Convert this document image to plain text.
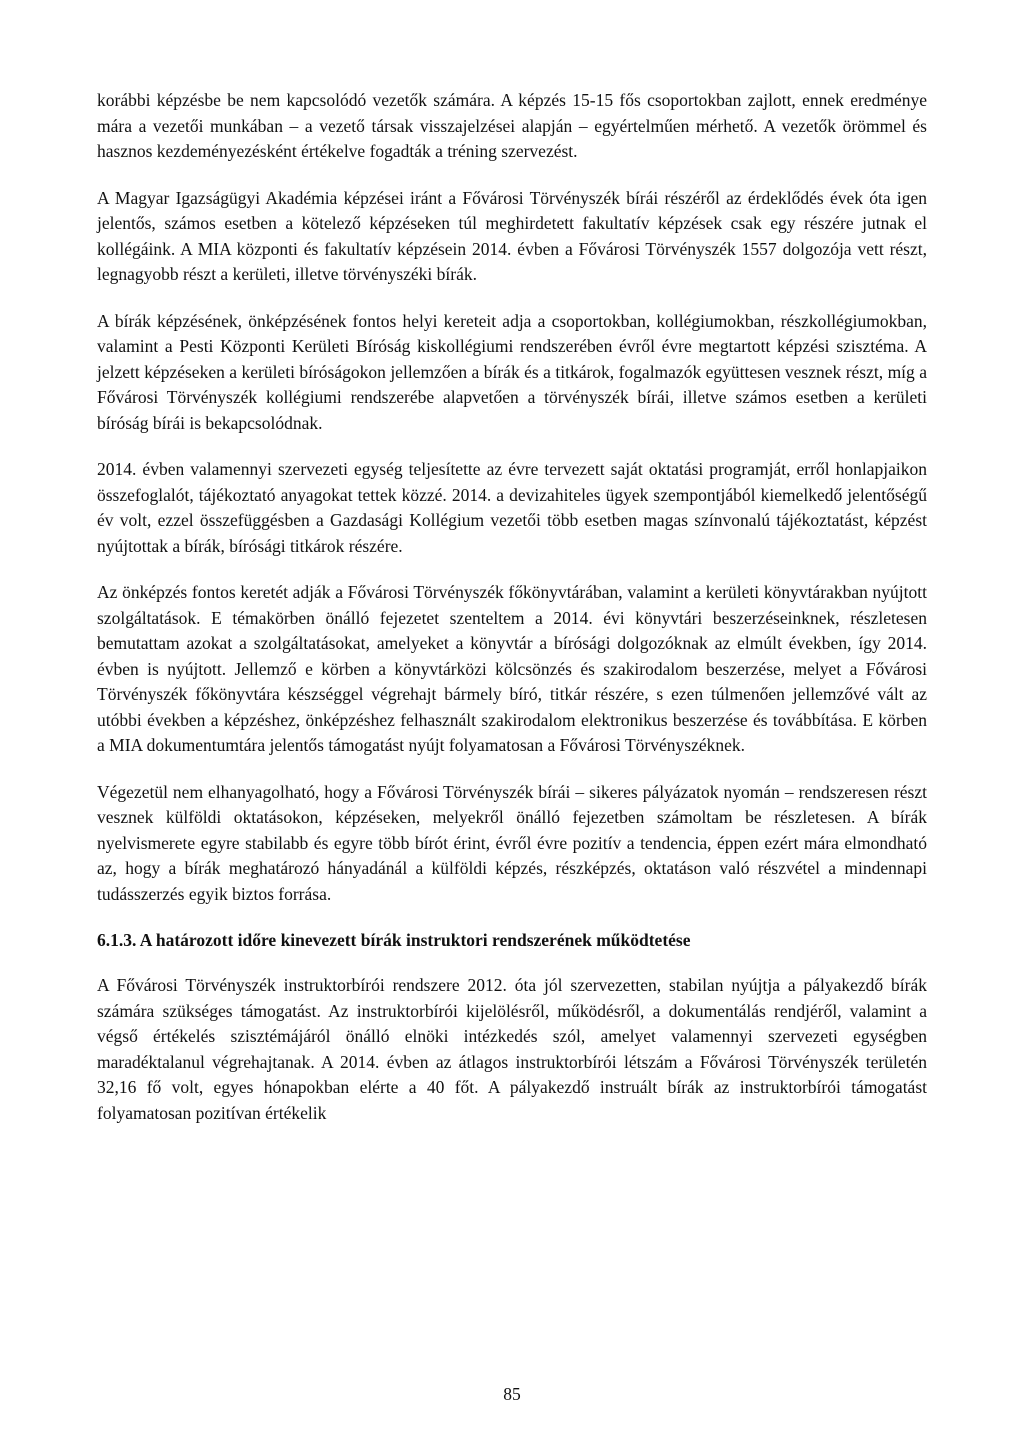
korábbi képzésbe be nem kapcsolódó vezetők számára. A képzés 15-15 fős csoportokban zajlott, ennek eredménye mára a vezetői munkában – a vezető társak visszajelzései alapján – egyértelműen mérhető. A vezetők örömmel és hasznos kezdeményezésként értékelve fogadták a tréning szervezést.

A Magyar Igazságügyi Akadémia képzései iránt a Fővárosi Törvényszék bírái részéről az érdeklődés évek óta igen jelentős, számos esetben a kötelező képzéseken túl meghirdetett fakultatív képzések csak egy részére jutnak el kollégáink. A MIA központi és fakultatív képzésein 2014. évben a Fővárosi Törvényszék 1557 dolgozója vett részt, legnagyobb részt a kerületi, illetve törvényszéki bírák.

A bírák képzésének, önképzésének fontos helyi kereteit adja a csoportokban, kollégiumokban, részkollégiumokban, valamint a Pesti Központi Kerületi Bíróság kiskollégiumi rendszerében évről évre megtartott képzési szisztéma. A jelzett képzéseken a kerületi bíróságokon jellemzően a bírák és a titkárok, fogalmazók együttesen vesznek részt, míg a Fővárosi Törvényszék kollégiumi rendszerébe alapvetően a törvényszék bírái, illetve számos esetben a kerületi bíróság bírái is bekapcsolódnak.

2014. évben valamennyi szervezeti egység teljesítette az évre tervezett saját oktatási programját, erről honlapjaikon összefoglalót, tájékoztató anyagokat tettek közzé. 2014. a devizahiteles ügyek szempontjából kiemelkedő jelentőségű év volt, ezzel összefüggésben a Gazdasági Kollégium vezetői több esetben magas színvonalú tájékoztatást, képzést nyújtottak a bírák, bírósági titkárok részére.

Az önképzés fontos keretét adják a Fővárosi Törvényszék főkönyvtárában, valamint a kerületi könyvtárakban nyújtott szolgáltatások. E témakörben önálló fejezetet szenteltem a 2014. évi könyvtári beszerzéseinknek, részletesen bemutattam azokat a szolgáltatásokat, amelyeket a könyvtár a bírósági dolgozóknak az elmúlt években, így 2014. évben is nyújtott. Jellemző e körben a könyvtárközi kölcsönzés és szakirodalom beszerzése, melyet a Fővárosi Törvényszék főkönyvtára készséggel végrehajt bármely bíró, titkár részére, s ezen túlmenően jellemzővé vált az utóbbi években a képzéshez, önképzéshez felhasznált szakirodalom elektronikus beszerzése és továbbítása. E körben a MIA dokumentumtára jelentős támogatást nyújt folyamatosan a Fővárosi Törvényszéknek.

Végezetül nem elhanyagolható, hogy a Fővárosi Törvényszék bírái – sikeres pályázatok nyomán – rendszeresen részt vesznek külföldi oktatásokon, képzéseken, melyekről önálló fejezetben számoltam be részletesen. A bírák nyelvismerete egyre stabilabb és egyre több bírót érint, évről évre pozitív a tendencia, éppen ezért mára elmondható az, hogy a bírák meghatározó hányadánál a külföldi képzés, részképzés, oktatáson való részvétel a mindennapi tudásszerzés egyik biztos forrása.

6.1.3. A határozott időre kinevezett bírák instruktori rendszerének működtetése

A Fővárosi Törvényszék instruktorbírói rendszere 2012. óta jól szervezetten, stabilan nyújtja a pályakezdő bírák számára szükséges támogatást. Az instruktorbírói kijelölésről, működésről, a dokumentálás rendjéről, valamint a végső értékelés szisztémájáról önálló elnöki intézkedés szól, amelyet valamennyi szervezeti egységben maradéktalanul végrehajtanak. A 2014. évben az átlagos instruktorbírói létszám a Fővárosi Törvényszék területén 32,16 fő volt, egyes hónapokban elérte a 40 főt. A pályakezdő instruált bírák az instruktorbírói támogatást folyamatosan pozitívan értékelik

85
